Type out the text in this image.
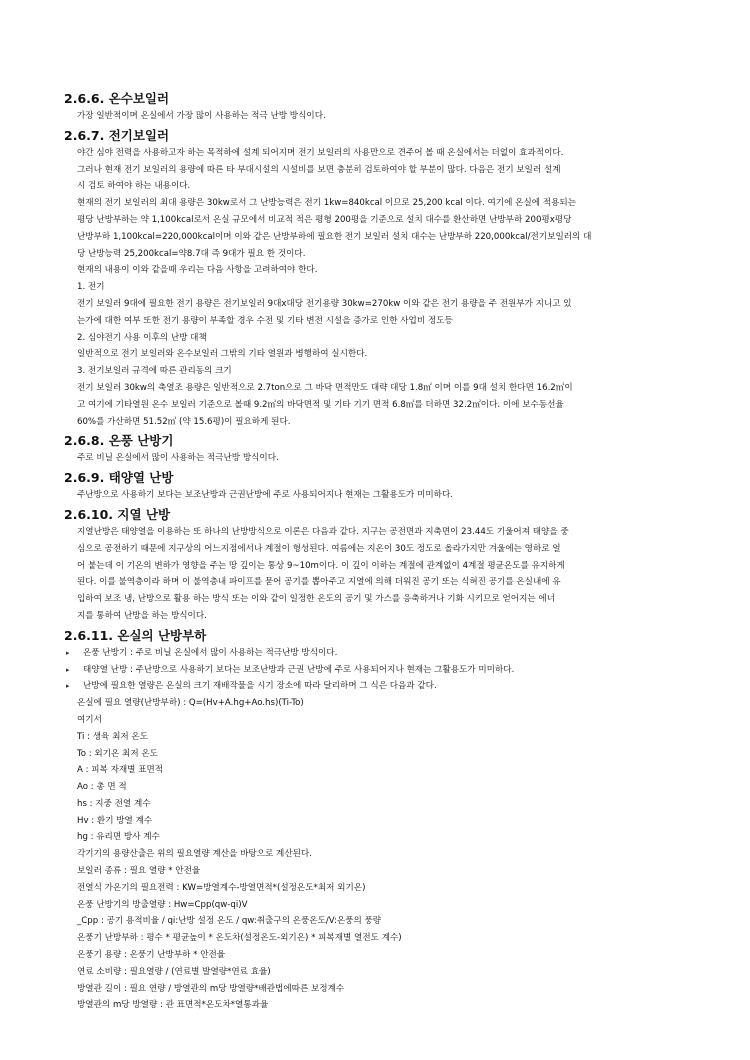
2.6.6. 온수보일러

가장 일반적이며 온실에서 가장 많이 사용하는 적극 난방 방식이다.

2.6.7. 전기보일러

야간 심야 전력을 사용하고자 하는 목적하에 설계 되어지며 전기 보일러의 사용만으로 견주어 볼 때 온실에서는 더없이 효과적이다.

그러나 현재 전기 보일러의 용량에 따른 타 부대시설의 시설비를 보면 충분히 검토하여야 할 부분이 많다. 다음은 전기 보일러 설계

시 검토 하여야 하는 내용이다.

현재의 전기 보일러의 최대 용량은 30kw로서 그 난방능력은 전기 1kw=840kcal 이므로 25,200 kcal 이다. 여기에 온실에 적용되는

평당 난방부하는 약 1,100kcal로서 온실 규모에서 비교적 적은 평형 200평을 기준으로 설치 대수를 환산하면 난방부하 200평x평당

난방부하 1,100kcal=220,000kcal이며 이와 같은 난방부하에 필요한 전기 보일러 설치 대수는 난방부하 220,000kcal/전기보일러의 대

당 난방능력 25,200kcal=약8.7대 즉 9대가 필요 한 것이다.

현재의 내용이 이와 같을때 우리는 다음 사항을 고려하여야 한다.

1. 전기

전기 보일러 9대에 필요한 전기 용량은 전기보일러 9대x대당 전기용량 30kw=270kw 이와 같은 전기 용량을 주 전원부가 지니고 있

는가에 대한 여부 또한 전기 용량이 부족할 경우 수전 및 기타 변전 시설을 증가로 인한 사업비 정도등

2. 심야전기 사용 이후의 난방 대책

일반적으로 전기 보일러와 온수보일러 그밖의 기타 열원과 병행하여 실시한다.

3. 전기보일러 규격에 따른 관리동의 크기

전기 보일러 30kw의 축열조 용량은 일반적으로 2.7ton으로 그 바닥 면적만도 대략 대당 1.8㎡ 이며 이를 9대 설치 한다면 16.2㎡이

고 여기에 기타열원 온수 보일러 기준으로 볼때 9.2㎡의 바닥면적 및 기타 기기 면적 6.8㎡를 더하면 32.2㎡이다. 이에 보수동선율

60%를 가산하면 51.52㎡ (약 15.6평)이 필요하게 된다.

2.6.8. 온풍 난방기

주로 비닐 온실에서 많이 사용하는 적극난방 방식이다.

2.6.9. 태양열 난방

주난방으로 사용하기 보다는 보조난방과 근권난방에 주로 사용되어지나 현재는 그활용도가 미미하다.

2.6.10. 지열 난방

지열난방은 태양열을 이용하는 또 하나의 난방방식으로 이론은 다음과 같다. 지구는 공전면과 지축면이 23.44도 기울어져 태양을 중

심으로 공전하기 때문에 지구상의 어느지점에서나 계절이 형성된다. 여름에는 지온이 30도 정도로 올라가지만 겨울에는 영하로 얼

어 붙는데 이 기온의 변하가 영향을 주는 땅 깊이는 통상 9~10m이다. 이 깊이 이하는 계절에 관계없이 4계절 평균온도를 유지하게

된다. 이를 불역층이라 하며 이 불역층내 파이프를 묻어 공기를 뽑아주고 지열에 의해 더워진 공기 또는 식혀진 공기를 온실내에 유

입하여 보조 냉, 난방으로 활용 하는 방식 또는 이와 같이 일정한 온도의 공기 및 가스를 응축하거나 기화 시키므로 얻어지는 에너

지를 통하여 난방을 하는 방식이다.

2.6.11. 온실의 난방부하

▸ 온풍 난방기 : 주로 비닐 온실에서 많이 사용하는 적극난방 방식이다.

▸ 태양열 난방 : 주난방으로 사용하기 보다는 보조난방과 근권 난방에 주로 사용되어지나 현재는 그활용도가 미미하다.

▸ 난방에 필요한 열량은 온실의 크기 재배작물을 시기 장소에 따라 달리하며 그 식은 다음과 같다.

온실에 필요 열량(난방부하) : Q=(Hv+A.hg+Ao.hs)(Ti-To)

여기서

Ti : 생육 최저 온도

To : 외기온 최저 온도

A : 피복 자재별 표면적

Ao : 총 면 적

hs : 지중 전열 계수

Hv : 환기 방열 계수

hg : 유리면 방사 계수

각기기의 용량산출은 위의 필요열량 계산을 바탕으로 계산된다.

보일러 종류 : 필요 열량 * 안전율

전열식 가온기의 필요전력 : KW=방열계수-방열면적*(설정온도*최저 외기온)

온풍 난방기의 방출열량 : Hw=Cpp(qw-qi)V

_Cpp : 공기 용적비율 / qi:난방 설정 온도 / qw:취출구의 온풍온도/V:온풍의 풍량

온풍기 난방부하 : 평수 * 평균높이 * 온도차(설정온도-외기온) * 피복재별 열전도 계수)

온풍기 용량 : 온풍기 난방부하 * 안전율

연료 소비량 : 필요열량 / (연료별 발열량*연료 효율)

방열관 길이 : 필요 연량 / 방열관의 m당 방열량*배관법에따른 보정계수

방열관의 m당 방열량 : 관 표면적*온도차*열통과율
